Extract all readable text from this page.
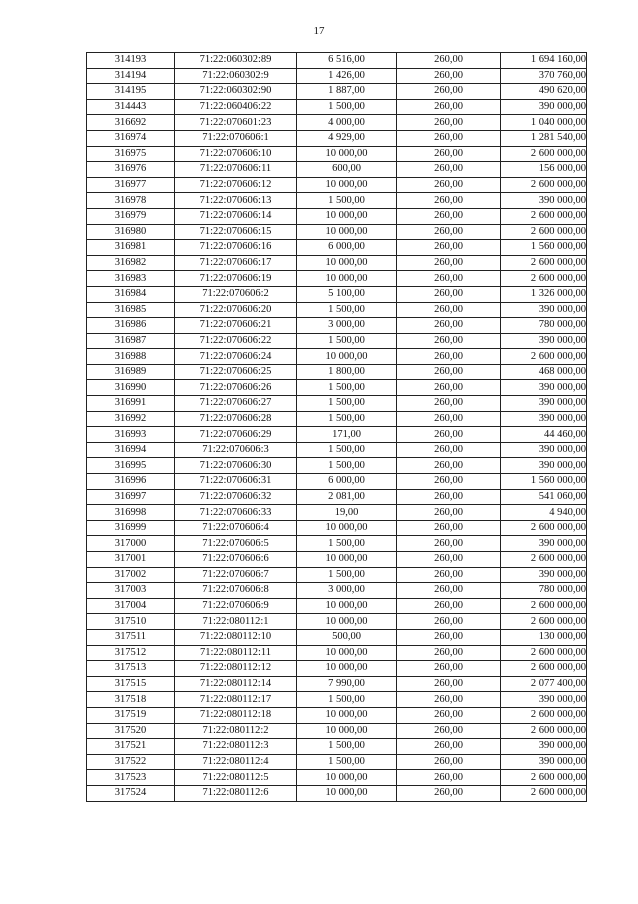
17
314193	71:22:060302:89	6 516,00	260,00	1 694 160,00
314194	71:22:060302:9	1 426,00	260,00	370 760,00
314195	71:22:060302:90	1 887,00	260,00	490 620,00
314443	71:22:060406:22	1 500,00	260,00	390 000,00
316692	71:22:070601:23	4 000,00	260,00	1 040 000,00
316974	71:22:070606:1	4 929,00	260,00	1 281 540,00
316975	71:22:070606:10	10 000,00	260,00	2 600 000,00
316976	71:22:070606:11	600,00	260,00	156 000,00
316977	71:22:070606:12	10 000,00	260,00	2 600 000,00
316978	71:22:070606:13	1 500,00	260,00	390 000,00
316979	71:22:070606:14	10 000,00	260,00	2 600 000,00
316980	71:22:070606:15	10 000,00	260,00	2 600 000,00
316981	71:22:070606:16	6 000,00	260,00	1 560 000,00
316982	71:22:070606:17	10 000,00	260,00	2 600 000,00
316983	71:22:070606:19	10 000,00	260,00	2 600 000,00
316984	71:22:070606:2	5 100,00	260,00	1 326 000,00
316985	71:22:070606:20	1 500,00	260,00	390 000,00
316986	71:22:070606:21	3 000,00	260,00	780 000,00
316987	71:22:070606:22	1 500,00	260,00	390 000,00
316988	71:22:070606:24	10 000,00	260,00	2 600 000,00
316989	71:22:070606:25	1 800,00	260,00	468 000,00
316990	71:22:070606:26	1 500,00	260,00	390 000,00
316991	71:22:070606:27	1 500,00	260,00	390 000,00
316992	71:22:070606:28	1 500,00	260,00	390 000,00
316993	71:22:070606:29	171,00	260,00	44 460,00
316994	71:22:070606:3	1 500,00	260,00	390 000,00
316995	71:22:070606:30	1 500,00	260,00	390 000,00
316996	71:22:070606:31	6 000,00	260,00	1 560 000,00
316997	71:22:070606:32	2 081,00	260,00	541 060,00
316998	71:22:070606:33	19,00	260,00	4 940,00
316999	71:22:070606:4	10 000,00	260,00	2 600 000,00
317000	71:22:070606:5	1 500,00	260,00	390 000,00
317001	71:22:070606:6	10 000,00	260,00	2 600 000,00
317002	71:22:070606:7	1 500,00	260,00	390 000,00
317003	71:22:070606:8	3 000,00	260,00	780 000,00
317004	71:22:070606:9	10 000,00	260,00	2 600 000,00
317510	71:22:080112:1	10 000,00	260,00	2 600 000,00
317511	71:22:080112:10	500,00	260,00	130 000,00
317512	71:22:080112:11	10 000,00	260,00	2 600 000,00
317513	71:22:080112:12	10 000,00	260,00	2 600 000,00
317515	71:22:080112:14	7 990,00	260,00	2 077 400,00
317518	71:22:080112:17	1 500,00	260,00	390 000,00
317519	71:22:080112:18	10 000,00	260,00	2 600 000,00
317520	71:22:080112:2	10 000,00	260,00	2 600 000,00
317521	71:22:080112:3	1 500,00	260,00	390 000,00
317522	71:22:080112:4	1 500,00	260,00	390 000,00
317523	71:22:080112:5	10 000,00	260,00	2 600 000,00
317524	71:22:080112:6	10 000,00	260,00	2 600 000,00
